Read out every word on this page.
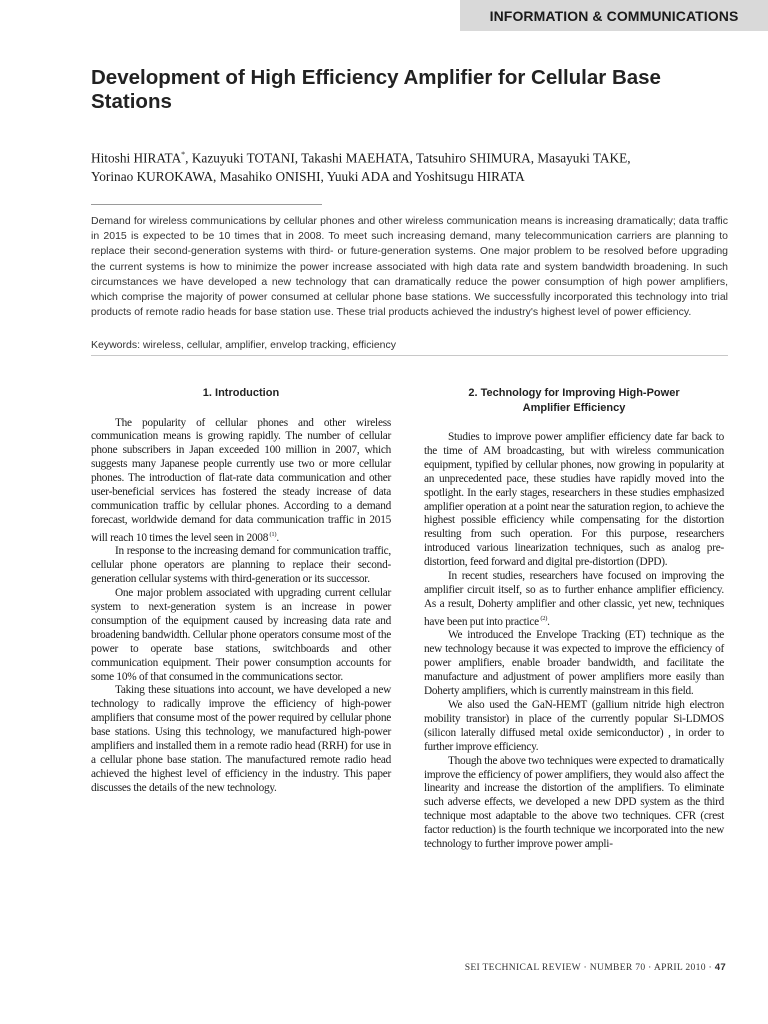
INFORMATION & COMMUNICATIONS
Development of High Efficiency Amplifier for Cellular Base Stations
Hitoshi HIRATA*, Kazuyuki TOTANI, Takashi MAEHATA, Tatsuhiro SHIMURA, Masayuki TAKE,
Yorinao KUROKAWA, Masahiko ONISHI, Yuuki ADA and Yoshitsugu HIRATA

Demand for wireless communications by cellular phones and other wireless communication means is increasing dramatically; data traffic in 2015 is expected to be 10 times that in 2008. To meet such increasing demand, many telecommunication carriers are planning to replace their second-generation systems with third- or future-generation systems. One major problem to be resolved before upgrading the current systems is how to minimize the power increase associated with high data rate and system bandwidth broadening. In such circumstances we have developed a new technology that can dramatically reduce the power consumption of high power amplifiers, which comprise the majority of power consumed at cellular phone base stations. We successfully incorporated this technology into trial products of remote radio heads for base station use. These trial products achieved the industry's highest level of power efficiency.

Keywords: wireless, cellular, amplifier, envelop tracking, efficiency
1. Introduction

The popularity of cellular phones and other wireless communication means is growing rapidly. The number of cellular phone subscribers in Japan exceeded 100 million in 2007, which suggests many Japanese people currently use two or more cellular phones. The introduction of flat-rate data communication and other user-beneficial services has fostered the steady increase of data communication traffic by cellular phones. According to a demand forecast, worldwide demand for data communication traffic in 2015 will reach 10 times the level seen in 2008 $^{(1)}$.

In response to the increasing demand for communication traffic, cellular phone operators are planning to replace their second-generation cellular systems with third-generation or its successor.

One major problem associated with upgrading current cellular system to next-generation system is an increase in power consumption of the equipment caused by increasing data rate and broadening bandwidth. Cellular phone operators consume most of the power to operate base stations, switchboards and other communication equipment. Their power consumption accounts for some 10% of that consumed in the communications sector.

Taking these situations into account, we have developed a new technology to radically improve the efficiency of high-power amplifiers that consume most of the power required by cellular phone base stations. Using this technology, we manufactured high-power amplifiers and installed them in a remote radio head (RRH) for use in a cellular phone base station. The manufactured remote radio head achieved the highest level of efficiency in the industry. This paper discusses the details of the new technology.

2. Technology for Improving High-Power
Amplifier Efficiency

Studies to improve power amplifier efficiency date far back to the time of AM broadcasting, but with wireless communication equipment, typified by cellular phones, now growing in popularity at an unprecedented pace, these studies have rapidly moved into the spotlight. In the early stages, researchers in these studies emphasized amplifier operation at a point near the saturation region, to achieve the highest possible efficiency while compensating for the distortion resulting from such operation. For this purpose, researchers introduced various linearization techniques, such as analog pre-distortion, feed forward and digital pre-distortion (DPD).

In recent studies, researchers have focused on improving the amplifier circuit itself, so as to further enhance amplifier efficiency. As a result, Doherty amplifier and other classic, yet new, techniques have been put into practice $^{(2)}$.

We introduced the Envelope Tracking (ET) technique as the new technology because it was expected to improve the efficiency of power amplifiers, enable broader bandwidth, and facilitate the manufacture and adjustment of power amplifiers more easily than Doherty amplifiers, which is currently mainstream in this field.

We also used the GaN-HEMT (gallium nitride high electron mobility transistor) in place of the currently popular Si-LDMOS (silicon laterally diffused metal oxide semiconductor) , in order to further improve efficiency.

Though the above two techniques were expected to dramatically improve the efficiency of power amplifiers, they would also affect the linearity and increase the distortion of the amplifiers. To eliminate such adverse effects, we developed a new DPD system as the third technique most adaptable to the above two techniques. CFR (crest factor reduction) is the fourth technique we incorporated into the new technology to further improve power ampli-

SEI TECHNICAL REVIEW · NUMBER 70 · APRIL 2010 · 47
